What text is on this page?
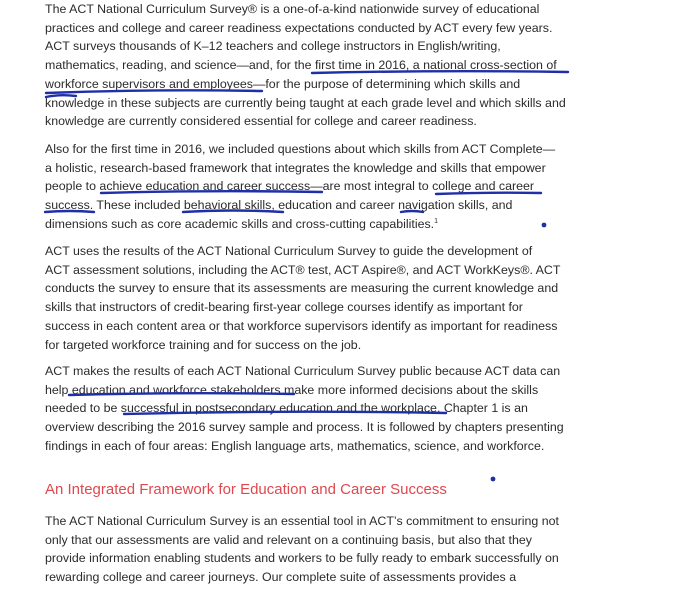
The ACT National Curriculum Survey® is a one-of-a-kind nationwide survey of educational
practices and college and career readiness expectations conducted by ACT every few years.
ACT surveys thousands of K–12 teachers and college instructors in English/writing,
mathematics, reading, and science—and, for the first time in 2016, a national cross-section of
workforce supervisors and employees—for the purpose of determining which skills and
knowledge in these subjects are currently being taught at each grade level and which skills and
knowledge are currently considered essential for college and career readiness.
Also for the first time in 2016, we included questions about which skills from ACT Complete—
a holistic, research-based framework that integrates the knowledge and skills that empower
people to achieve education and career success—are most integral to college and career
success. These included behavioral skills, education and career navigation skills, and
dimensions such as core academic skills and cross-cutting capabilities.$^1$
ACT uses the results of the ACT National Curriculum Survey to guide the development of
ACT assessment solutions, including the ACT® test, ACT Aspire®, and ACT WorkKeys®. ACT
conducts the survey to ensure that its assessments are measuring the current knowledge and
skills that instructors of credit-bearing first-year college courses identify as important for
success in each content area or that workforce supervisors identify as important for readiness
for targeted workforce training and for success on the job.
ACT makes the results of each ACT National Curriculum Survey public because ACT data can
help education and workforce stakeholders make more informed decisions about the skills
needed to be successful in postsecondary education and the workplace. Chapter 1 is an
overview describing the 2016 survey sample and process. It is followed by chapters presenting
findings in each of four areas: English language arts, mathematics, science, and workforce.
An Integrated Framework for Education and Career Success
The ACT National Curriculum Survey is an essential tool in ACT’s commitment to ensuring not
only that our assessments are valid and relevant on a continuing basis, but also that they
provide information enabling students and workers to be fully ready to embark successfully on
rewarding college and career journeys. Our complete suite of assessments provides a
